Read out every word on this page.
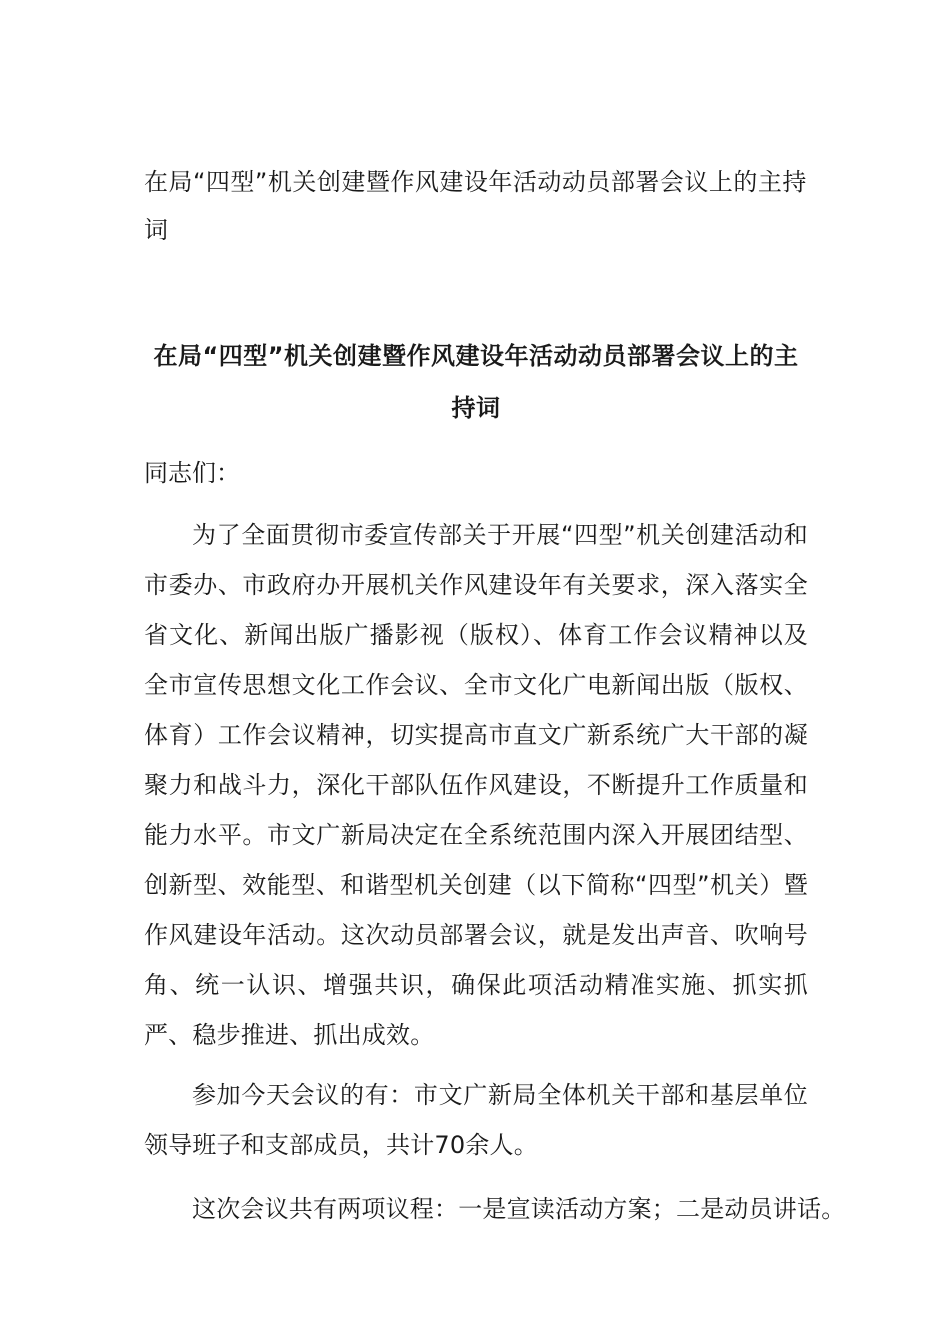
在局“四型”机关创建暨作风建设年活动动员部署会议上的主持词
在局“四型”机关创建暨作风建设年活动动员部署会议上的主持词
同志们：

为了全面贯彻市委宣传部关于开展“四型”机关创建活动和市委办、市政府办开展机关作风建设年有关要求，深入落实全省文化、新闻出版广播影视（版权）、体育工作会议精神以及全市宣传思想文化工作会议、全市文化广电新闻出版（版权、体育）工作会议精神，切实提高市直文广新系统广大干部的凝聚力和战斗力，深化干部队伍作风建设，不断提升工作质量和能力水平。市文广新局决定在全系统范围内深入开展团结型、创新型、效能型、和谐型机关创建（以下简称“四型”机关）暨作风建设年活动。这次动员部署会议，就是发出声音、吹响号角、统一认识、增强共识，确保此项活动精准实施、抓实抓严、稳步推进、抓出成效。

参加今天会议的有：市文广新局全体机关干部和基层单位领导班子和支部成员，共计70余人。

这次会议共有两项议程：一是宣读活动方案；二是动员讲话。
